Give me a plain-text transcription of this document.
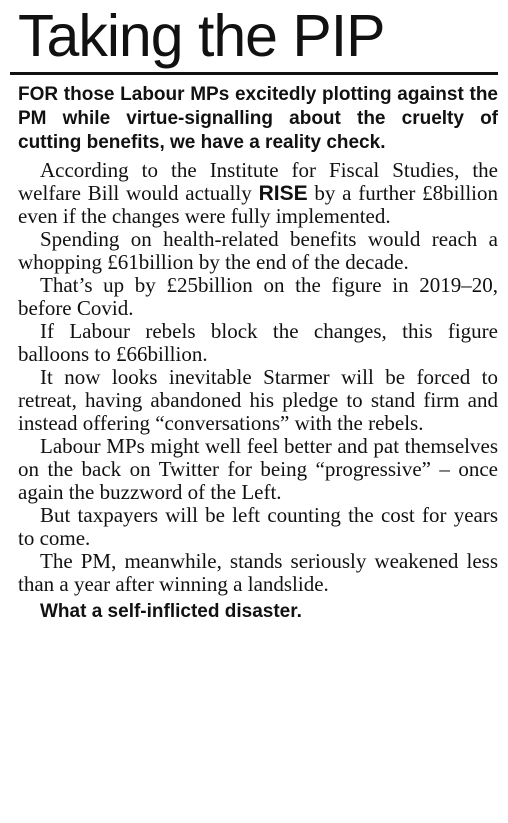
Taking the PIP

FOR those Labour MPs excitedly plotting against the PM while virtue-signalling about the cruelty of cutting benefits, we have a reality check.

According to the Institute for Fiscal Studies, the welfare Bill would actually RISE by a further £8billion even if the changes were fully implemented.

Spending on health-related benefits would reach a whopping £61billion by the end of the decade.

That’s up by £25billion on the figure in 2019–20, before Covid.

If Labour rebels block the changes, this figure balloons to £66billion.

It now looks inevitable Starmer will be forced to retreat, having abandoned his pledge to stand firm and instead offering “conversations” with the rebels.

Labour MPs might well feel better and pat themselves on the back on Twitter for being “progressive” – once again the buzzword of the Left.

But taxpayers will be left counting the cost for years to come.

The PM, meanwhile, stands seriously weakened less than a year after winning a landslide.

What a self-inflicted disaster.
